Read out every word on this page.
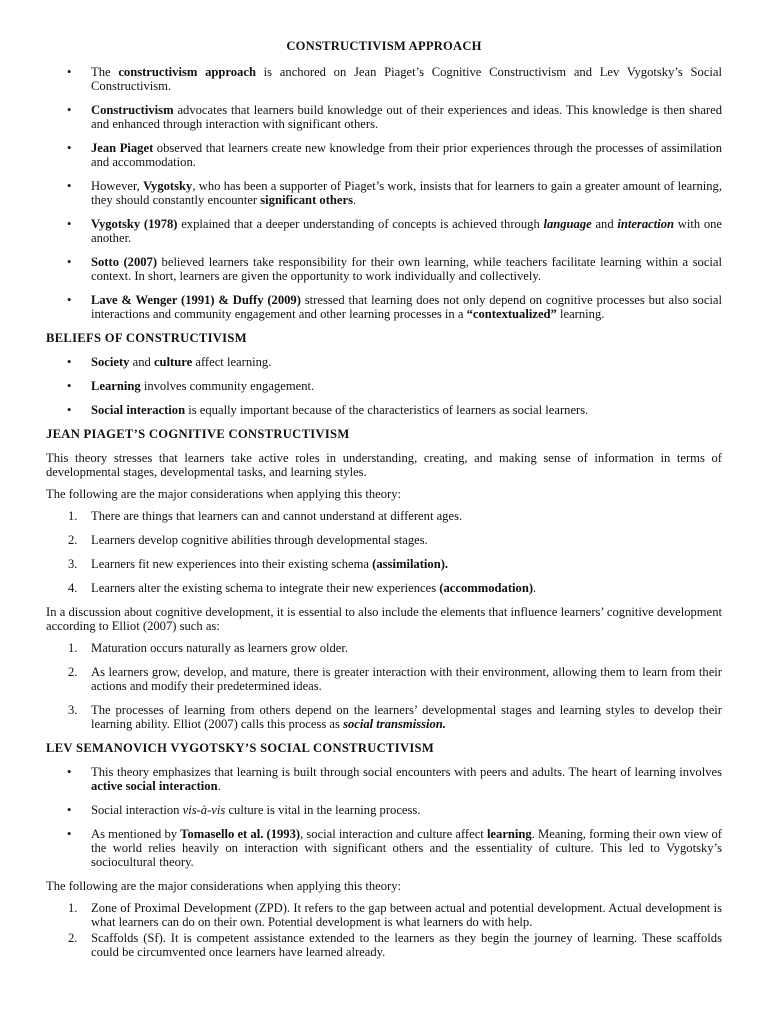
CONSTRUCTIVISM APPROACH
• The constructivism approach is anchored on Jean Piaget’s Cognitive Constructivism and Lev Vygotsky’s Social Constructivism.
• Constructivism advocates that learners build knowledge out of their experiences and ideas. This knowledge is then shared and enhanced through interaction with significant others.
• Jean Piaget observed that learners create new knowledge from their prior experiences through the processes of assimilation and accommodation.
• However, Vygotsky, who has been a supporter of Piaget’s work, insists that for learners to gain a greater amount of learning, they should constantly encounter significant others.
• Vygotsky (1978) explained that a deeper understanding of concepts is achieved through language and interaction with one another.
• Sotto (2007) believed learners take responsibility for their own learning, while teachers facilitate learning within a social context. In short, learners are given the opportunity to work individually and collectively.
• Lave & Wenger (1991) & Duffy (2009) stressed that learning does not only depend on cognitive processes but also social interactions and community engagement and other learning processes in a “contextualized” learning.
BELIEFS OF CONSTRUCTIVISM
• Society and culture affect learning.
• Learning involves community engagement.
• Social interaction is equally important because of the characteristics of learners as social learners.
JEAN PIAGET’S COGNITIVE CONSTRUCTIVISM

This theory stresses that learners take active roles in understanding, creating, and making sense of information in terms of developmental stages, developmental tasks, and learning styles.

The following are the major considerations when applying this theory:

1. There are things that learners can and cannot understand at different ages.
2. Learners develop cognitive abilities through developmental stages.
3. Learners fit new experiences into their existing schema (assimilation).
4. Learners alter the existing schema to integrate their new experiences (accommodation).

In a discussion about cognitive development, it is essential to also include the elements that influence learners’ cognitive development according to Elliot (2007) such as:

1. Maturation occurs naturally as learners grow older.
2. As learners grow, develop, and mature, there is greater interaction with their environment, allowing them to learn from their actions and modify their predetermined ideas.
3. The processes of learning from others depend on the learners’ developmental stages and learning styles to develop their learning ability. Elliot (2007) calls this process as social transmission.
LEV SEMANOVICH VYGOTSKY’S SOCIAL CONSTRUCTIVISM
• This theory emphasizes that learning is built through social encounters with peers and adults. The heart of learning involves active social interaction.
• Social interaction vis-à-vis culture is vital in the learning process.
• As mentioned by Tomasello et al. (1993), social interaction and culture affect learning. Meaning, forming their own view of the world relies heavily on interaction with significant others and the essentiality of culture. This led to Vygotsky’s sociocultural theory.

The following are the major considerations when applying this theory:

1. Zone of Proximal Development (ZPD). It refers to the gap between actual and potential development. Actual development is what learners can do on their own. Potential development is what learners do with help.
2. Scaffolds (Sf). It is competent assistance extended to the learners as they begin the journey of learning. These scaffolds could be circumvented once learners have learned already.
